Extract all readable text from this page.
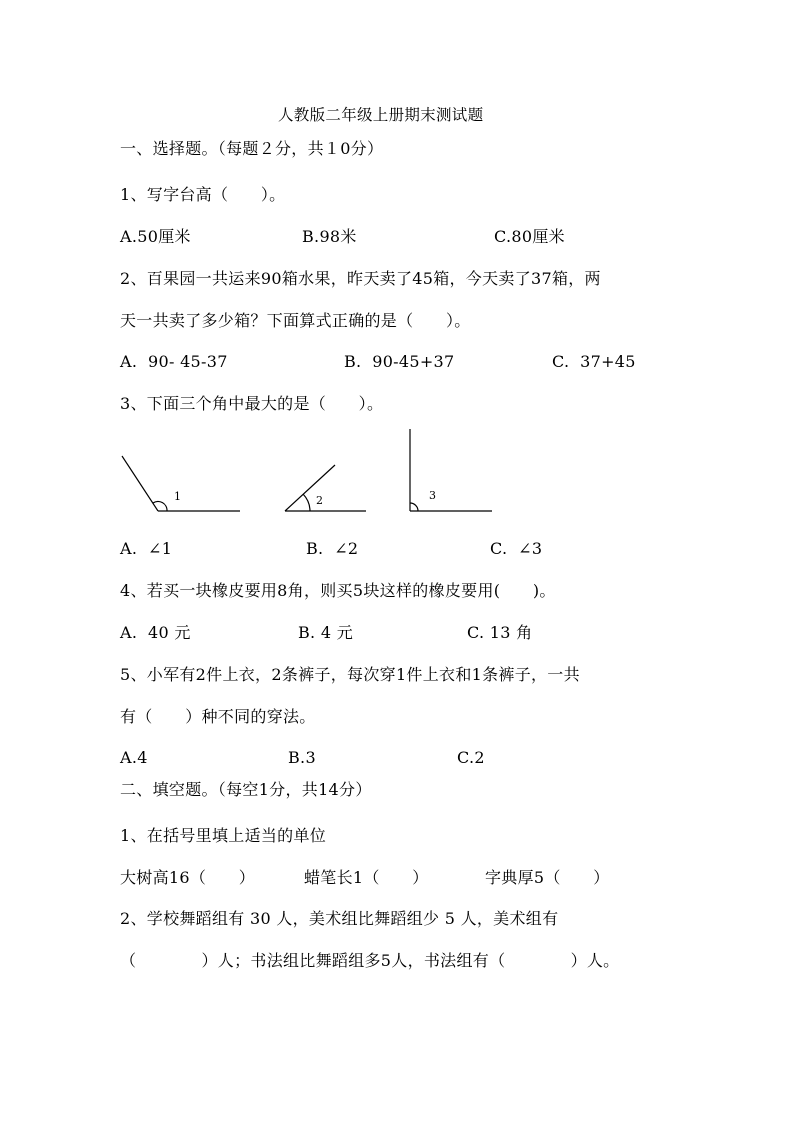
人教版二年级上册期末测试题
一、选择题。（每题２分，共１0分）
1、写字台高（　　）。
A.50厘米	B.98米	C.80厘米
2、百果园一共运来90箱水果，昨天卖了45箱，今天卖了37箱，两
天一共卖了多少箱？下面算式正确的是（　　）。
A.  90- 45-37	B.  90-45+37	C.  37+45
3、下面三个角中最大的是（　　）。
1	2	3
A.  ∠1	B.  ∠2	C.  ∠3
4、若买一块橡皮要用8角，则买5块这样的橡皮要用(　　)。
A.  40 元	B. 4 元	C. 13 角
5、小军有2件上衣，2条裤子，每次穿1件上衣和1条裤子，一共
有（　　）种不同的穿法。
A.4	B.3	C.2
二、填空题。（每空1分，共14分）
1、在括号里填上适当的单位
大树高16（　　）	蜡笔长1（　　）	字典厚5（　　）
2、学校舞蹈组有 30 人，美术组比舞蹈组少 5 人，美术组有
（　　　　）人；书法组比舞蹈组多5人，书法组有（　　　　）人。
